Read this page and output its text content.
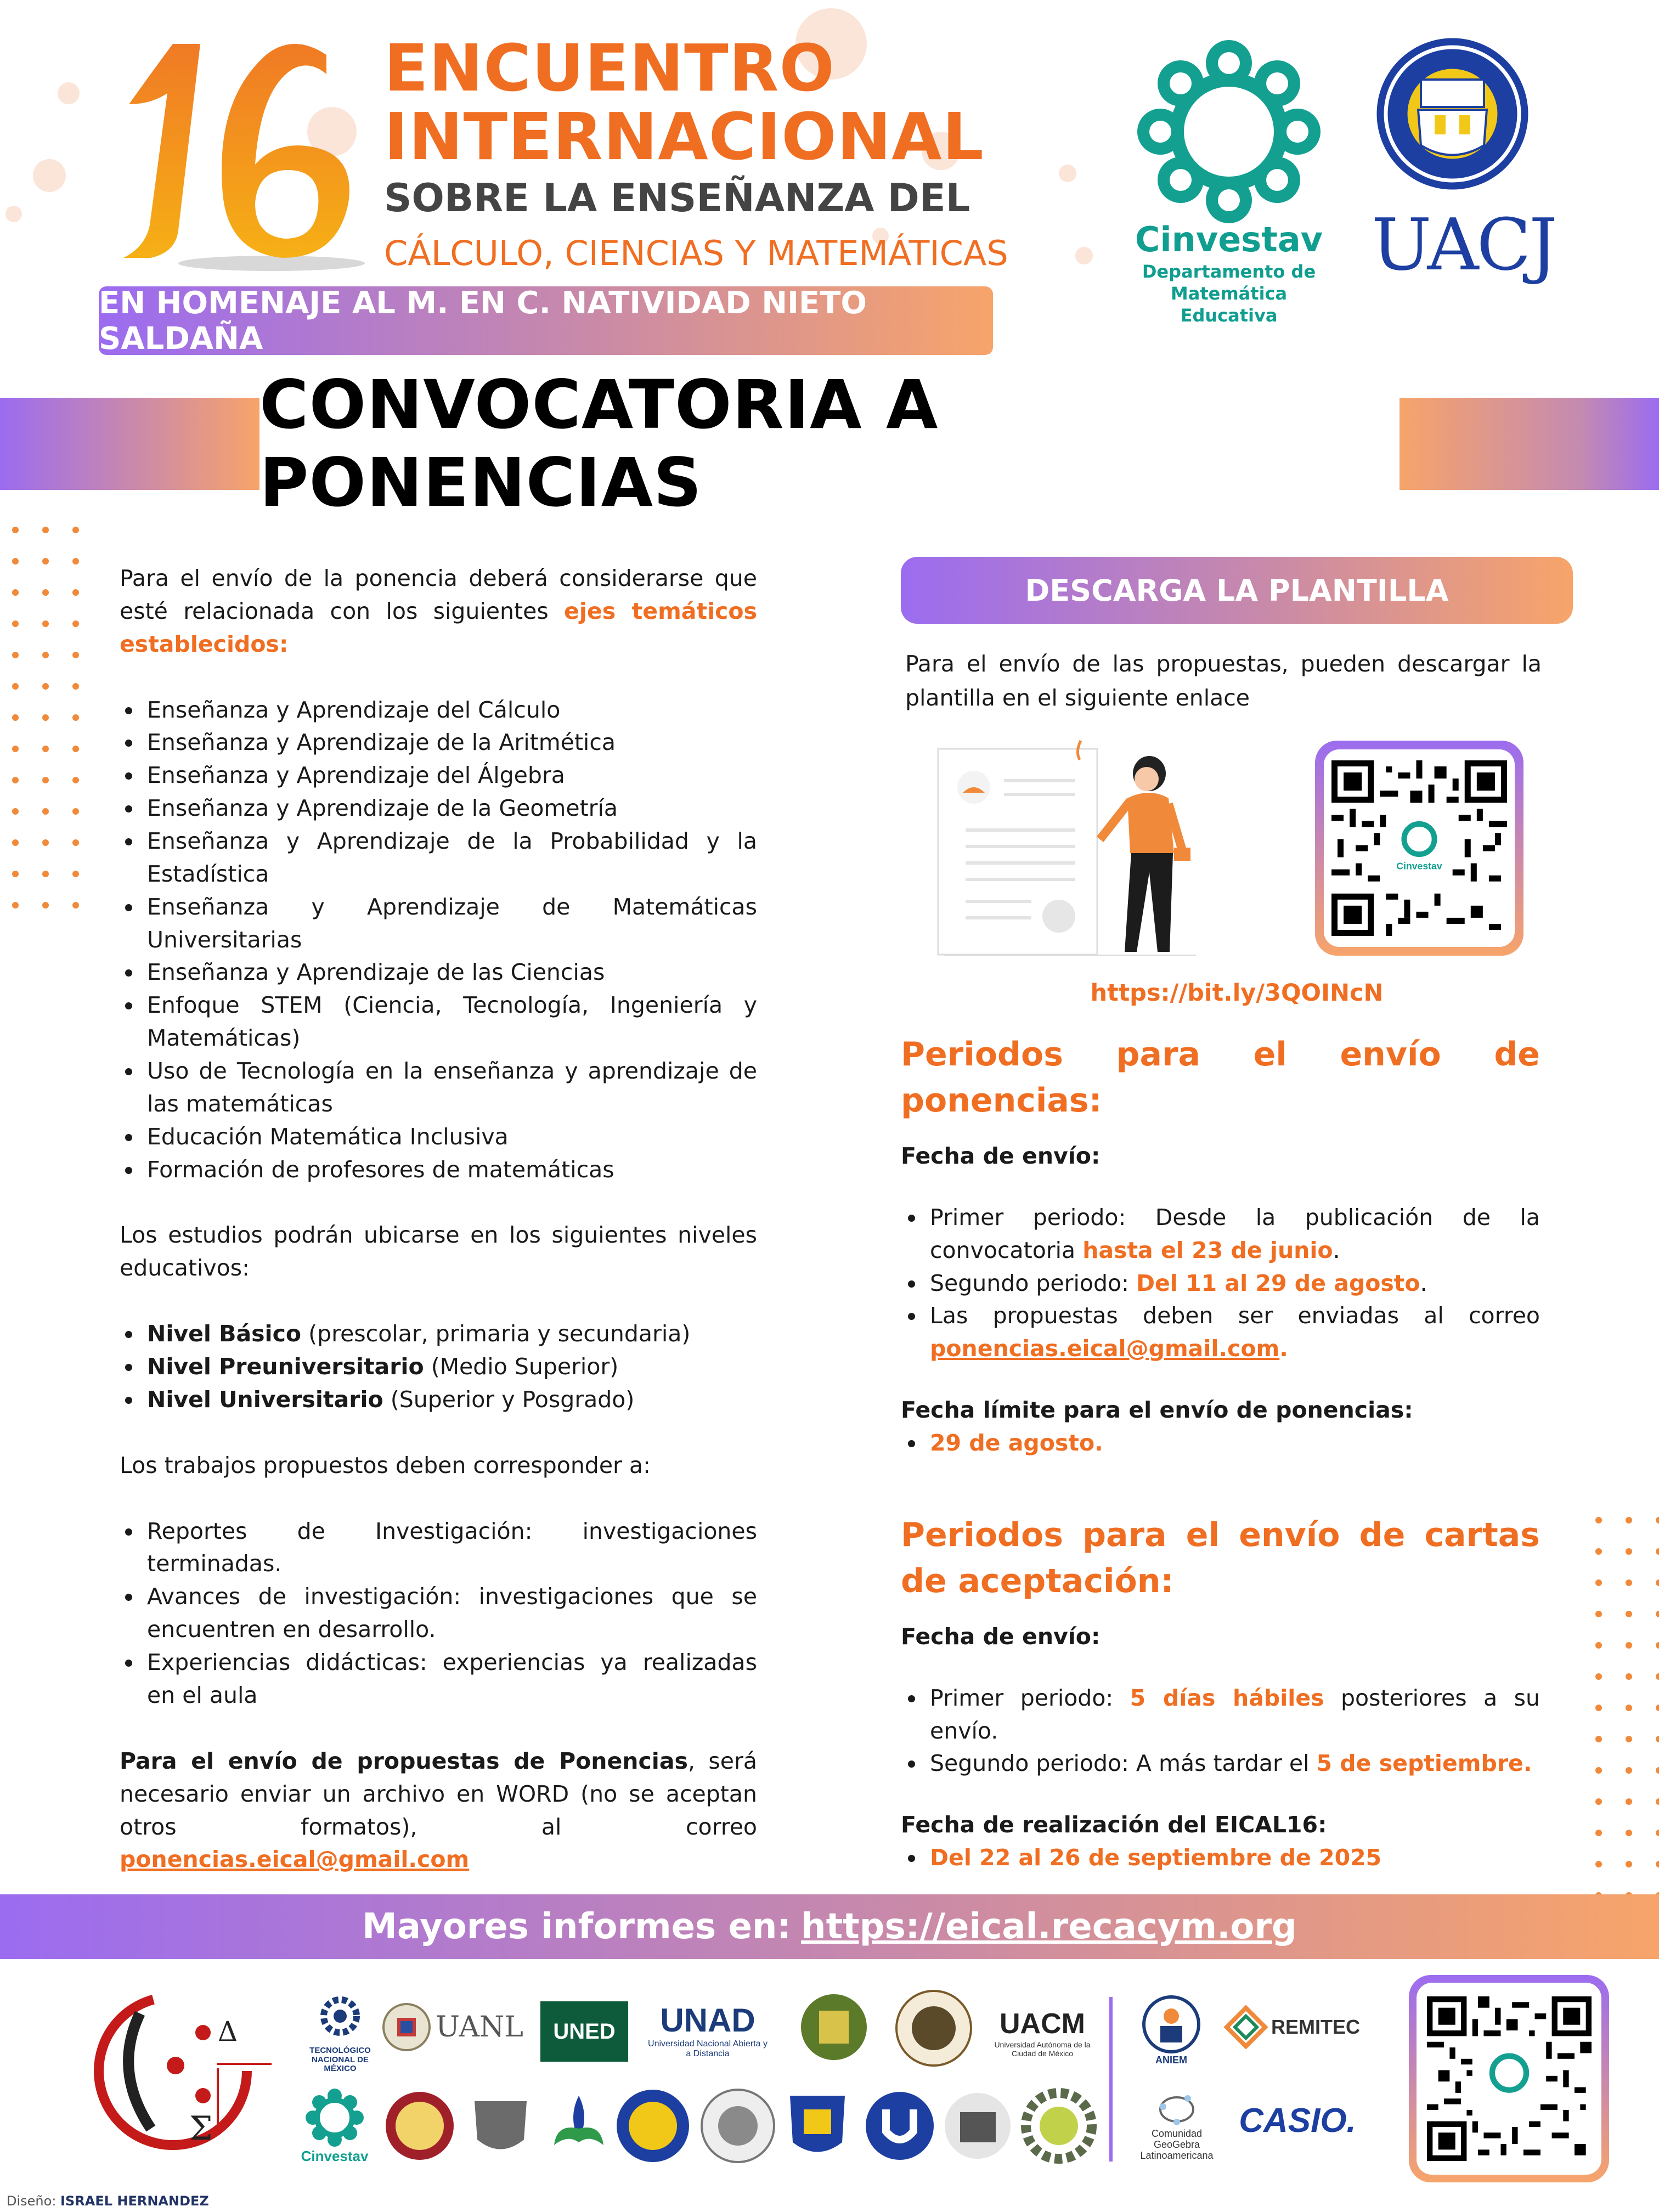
ENCUENTRO
INTERNACIONAL
SOBRE LA ENSEÑANZA DEL
CÁLCULO, CIENCIAS Y MATEMÁTICAS
EN HOMENAJE AL M. EN C. NATIVIDAD NIETO SALDAÑA
Cinvestav
Departamento de
Matemática Educativa
UACJ
CONVOCATORIA A PONENCIAS

Para el envío de la ponencia deberá considerarse que esté relacionada con los siguientes ejes temáticos establecidos:

• Enseñanza y Aprendizaje del Cálculo
• Enseñanza y Aprendizaje de la Aritmética
• Enseñanza y Aprendizaje del Álgebra
• Enseñanza y Aprendizaje de la Geometría
• Enseñanza y Aprendizaje de la Probabilidad y la Estadística
• Enseñanza y Aprendizaje de Matemáticas Universitarias
• Enseñanza y Aprendizaje de las Ciencias
• Enfoque STEM (Ciencia, Tecnología, Ingeniería y Matemáticas)
• Uso de Tecnología en la enseñanza y aprendizaje de las matemáticas
• Educación Matemática Inclusiva
• Formación de profesores de matemáticas

Los estudios podrán ubicarse en los siguientes niveles educativos:

• Nivel Básico (prescolar, primaria y secundaria)
• Nivel Preuniversitario (Medio Superior)
• Nivel Universitario (Superior y Posgrado)

Los trabajos propuestos deben corresponder a:

• Reportes de Investigación: investigaciones terminadas.
• Avances de investigación: investigaciones que se encuentren en desarrollo.
• Experiencias didácticas: experiencias ya realizadas en el aula

Para el envío de propuestas de Ponencias, será necesario enviar un archivo en WORD (no se aceptan otros formatos), al correo ponencias.eical@gmail.com

DESCARGA LA PLANTILLA

Para el envío de las propuestas, pueden descargar la plantilla en el siguiente enlace

Cinvestav
https://bit.ly/3QOINcN
Periodos para el envío de ponencias:
Fecha de envío:
• Primer periodo: Desde la publicación de la convocatoria hasta el 23 de junio.
• Segundo periodo: Del 11 al 29 de agosto.
• Las propuestas deben ser enviadas al correo ponencias.eical@gmail.com.
Fecha límite para el envío de ponencias:
• 29 de agosto.
Periodos para el envío de cartas de aceptación:
Fecha de envío:
• Primer periodo: 5 días hábiles posteriores a su envío.
• Segundo periodo: A más tardar el 5 de septiembre.
Fecha de realización del EICAL16:
• Del 22 al 26 de septiembre de 2025
Mayores informes en: https://eical.recacym.org
Δ
Σ
TECNOLÓGICO NACIONAL DE MÉXICO
UANL	UNED	UNAD
Universidad Nacional Abierta y a Distancia
UACM
Universidad Autónoma de la Ciudad de México
ANIEM
REMITEC
Cinvestav
Comunidad GeoGebra Latinoamericana
CASIO.
Diseño: ISRAEL HERNANDEZ
